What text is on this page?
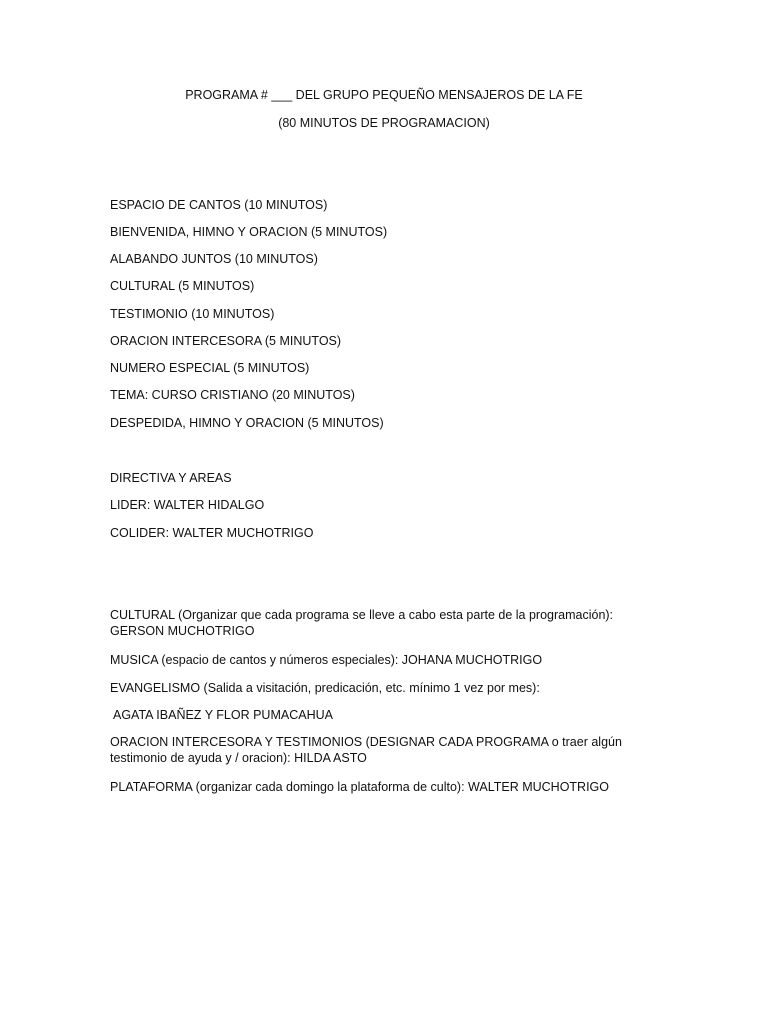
PROGRAMA # ___ DEL GRUPO PEQUEÑO MENSAJEROS DE LA FE
(80 MINUTOS DE PROGRAMACION)
ESPACIO DE CANTOS (10 MINUTOS)
BIENVENIDA, HIMNO Y ORACION (5 MINUTOS)
ALABANDO JUNTOS (10 MINUTOS)
CULTURAL (5 MINUTOS)
TESTIMONIO (10 MINUTOS)
ORACION INTERCESORA (5 MINUTOS)
NUMERO ESPECIAL (5 MINUTOS)
TEMA: CURSO CRISTIANO (20 MINUTOS)
DESPEDIDA, HIMNO Y ORACION (5 MINUTOS)
DIRECTIVA Y AREAS
LIDER: WALTER HIDALGO
COLIDER: WALTER MUCHOTRIGO
CULTURAL (Organizar que cada programa se lleve a cabo esta parte de la programación): GERSON MUCHOTRIGO
MUSICA (espacio de cantos y números especiales): JOHANA MUCHOTRIGO
EVANGELISMO (Salida a visitación, predicación, etc. mínimo 1 vez por mes):
AGATA IBAÑEZ Y FLOR PUMACAHUA
ORACION INTERCESORA Y TESTIMONIOS (DESIGNAR CADA PROGRAMA o traer algún testimonio de ayuda y / oracion): HILDA ASTO
PLATAFORMA (organizar cada domingo la plataforma de culto): WALTER MUCHOTRIGO
